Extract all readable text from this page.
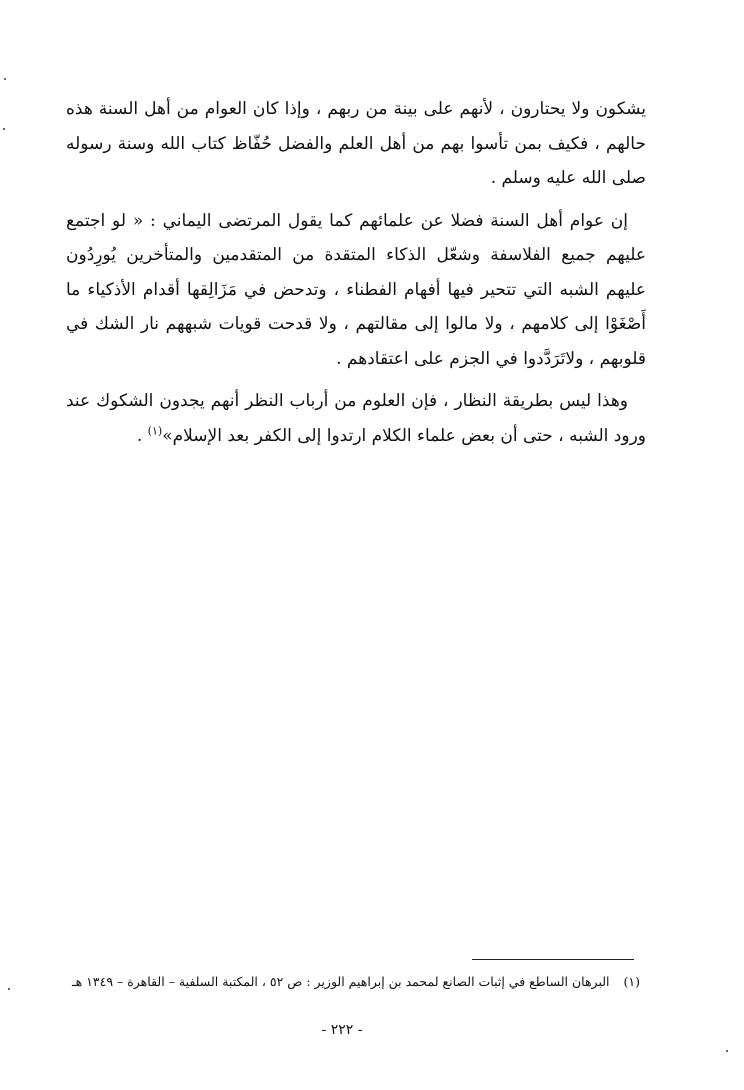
يشكون ولا يحتارون ، لأنهم على بينة من ربهم ، وإذا كان العوام من أهل السنة هذه حالهم ، فكيف بمن تأسوا بهم من أهل العلم والفضل حُفّاظ كتاب الله وسنة رسوله صلى الله عليه وسلم .

إن عوام أهل السنة فضلا عن علمائهم كما يقول المرتضى اليماني : « لو اجتمع عليهم جميع الفلاسفة وشعّل الذكاء المتقدة من المتقدمين والمتأخرين يُورِدُون عليهم الشبه التي تتحير فيها أفهام الفطناء ، وتدحض في مَزَالِقها أقدام الأذكياء ما أَصْغَوْا إلى كلامهم ، ولا مالوا إلى مقالتهم ، ولا قدحت قويات شبههم نار الشك في قلوبهم ، ولاتَرَدَّدوا في الجزم على اعتقادهم .

وهذا ليس بطريقة النظار ، فإن العلوم من أرباب النظر أنهم يجدون الشكوك عند ورود الشبه ، حتى أن بعض علماء الكلام ارتدوا إلى الكفر بعد الإسلام»$^{(١)}$ .

(١)البرهان الساطع في إثبات الصانع لمحمد بن إبراهيم الوزير : ص ٥٢ ، المكتبة السلفية – القاهرة – ١٣٤٩ هـ
- ٢٢٢ -
